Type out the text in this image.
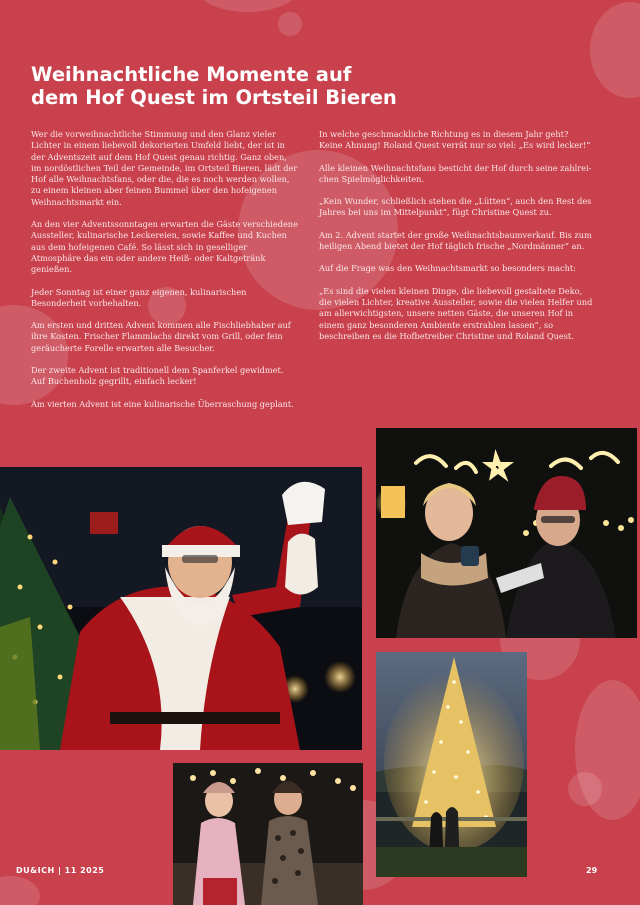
Weihnachtliche Momente auf
dem Hof Quest im Ortsteil Bieren

Wer die vorweihnachtliche Stimmung und den Glanz vieler Lichter in einem liebevoll dekorierten Umfeld liebt, der ist in der Adventszeit auf dem Hof Quest genau richtig. Ganz oben, im nordöstlichen Teil der Gemeinde, im Ortsteil Bieren, lädt der Hof alle Weihnachtsfans, oder die, die es noch werden wollen, zu einem kleinen aber feinen Bummel über den hofeigenen Weihnachtsmarkt ein.

An den vier Adventssonntagen erwarten die Gäste verschiedene Aussteller, kulinarische Leckereien, sowie Kaffee und Kuchen aus dem hofeigenen Café. So lässt sich in geselliger Atmosphäre das ein oder andere Heiß- oder Kaltgetränk genießen.

Jeder Sonntag ist einer ganz eigenen, kulinarischen Besonderheit vorbehalten.

Am ersten und dritten Advent kommen alle Fischliebhaber auf ihre Kosten. Frischer Flammlachs direkt vom Grill, oder fein geräucherte Forelle erwarten alle Besucher.

Der zweite Advent ist traditionell dem Spanferkel gewidmet. Auf Buchenholz gegrillt, einfach lecker!

Am vierten Advent ist eine kulinarische Überraschung geplant.

In welche geschmackliche Richtung es in diesem Jahr geht? Keine Ahnung! Roland Quest verrät nur so viel: „Es wird lecker!“

Alle kleinen Weihnachtsfans besticht der Hof durch seine zahlreichen Spielmöglichkeiten.

„Kein Wunder, schließlich stehen die „Lütten“, auch den Rest des Jahres bei uns im Mittelpunkt“, fügt Christine Quest zu.

Am 2. Advent startet der große Weihnachtsbaumverkauf. Bis zum heiligen Abend bietet der Hof täglich frische „Nordmänner“ an.

Auf die Frage was den Weihnachtsmarkt so besonders macht:

„Es sind die vielen kleinen Dinge, die liebevoll gestaltete Deko, die vielen Lichter, kreative Aussteller, sowie die vielen Helfer und am allerwichtigsten, unsere netten Gäste, die unseren Hof in einem ganz besonderen Ambiente erstrahlen lassen“, so beschreiben es die Hofbetreiber Christine und Roland Quest.

DU&ICH | 11 2025	29
